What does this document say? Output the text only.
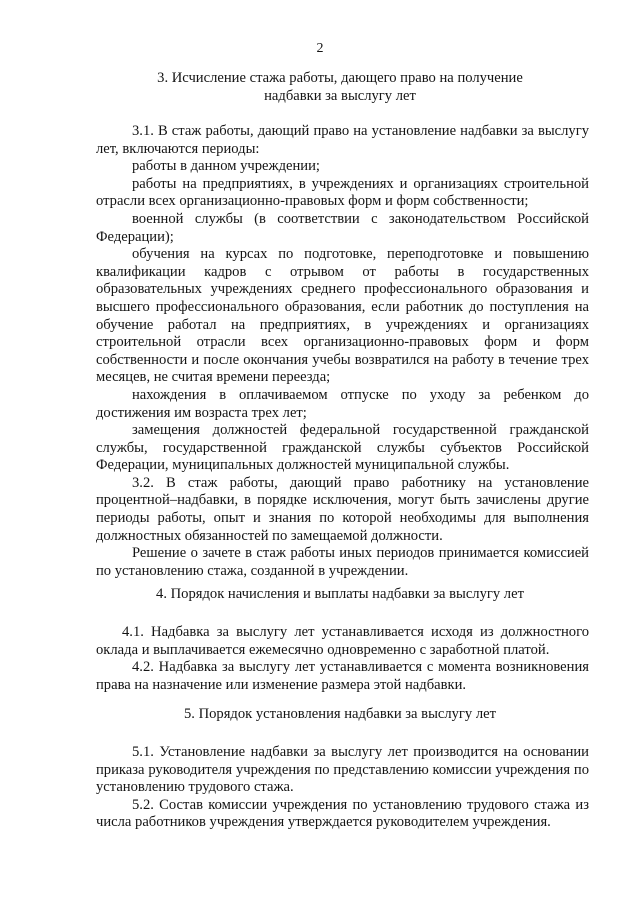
2
3. Исчисление стажа работы, дающего право на получение
надбавки за выслугу лет

3.1. В стаж работы, дающий право на установление надбавки за выслугу лет, включаются периоды:

работы в данном учреждении;

работы на предприятиях, в учреждениях и организациях строительной отрасли всех организационно-правовых форм и форм собственности;

военной службы (в соответствии с законодательством Российской Федерации);

обучения на курсах по подготовке, переподготовке и повышению квалификации кадров с отрывом от работы в государственных образовательных учреждениях среднего профессионального образования и высшего профессионального образования, если работник до поступления на обучение работал на предприятиях, в учреждениях и организациях строительной отрасли всех организационно-правовых форм и форм собственности и после окончания учебы возвратился на работу в течение трех месяцев, не считая времени переезда;

нахождения в оплачиваемом отпуске по уходу за ребенком до достижения им возраста трех лет;

замещения должностей федеральной государственной гражданской службы, государственной гражданской службы субъектов Российской Федерации, муниципальных должностей муниципальной службы.

3.2. В стаж работы, дающий право работнику на установление процентной–надбавки, в порядке исключения, могут быть зачислены другие периоды работы, опыт и знания по которой необходимы для выполнения должностных обязанностей по замещаемой должности.

Решение о зачете в стаж работы иных периодов принимается комиссией по установлению стажа, созданной в учреждении.

4. Порядок начисления и выплаты надбавки за выслугу лет

4.1. Надбавка за выслугу лет устанавливается исходя из должностного оклада и выплачивается ежемесячно одновременно с заработной платой.

4.2. Надбавка за выслугу лет устанавливается с момента возникновения права на назначение или изменение размера этой надбавки.

5. Порядок установления надбавки за выслугу лет

5.1. Установление надбавки за выслугу лет производится на основании приказа руководителя учреждения по представлению комиссии учреждения по установлению трудового стажа.

5.2. Состав комиссии учреждения по установлению трудового стажа из числа работников учреждения утверждается руководителем учреждения.
